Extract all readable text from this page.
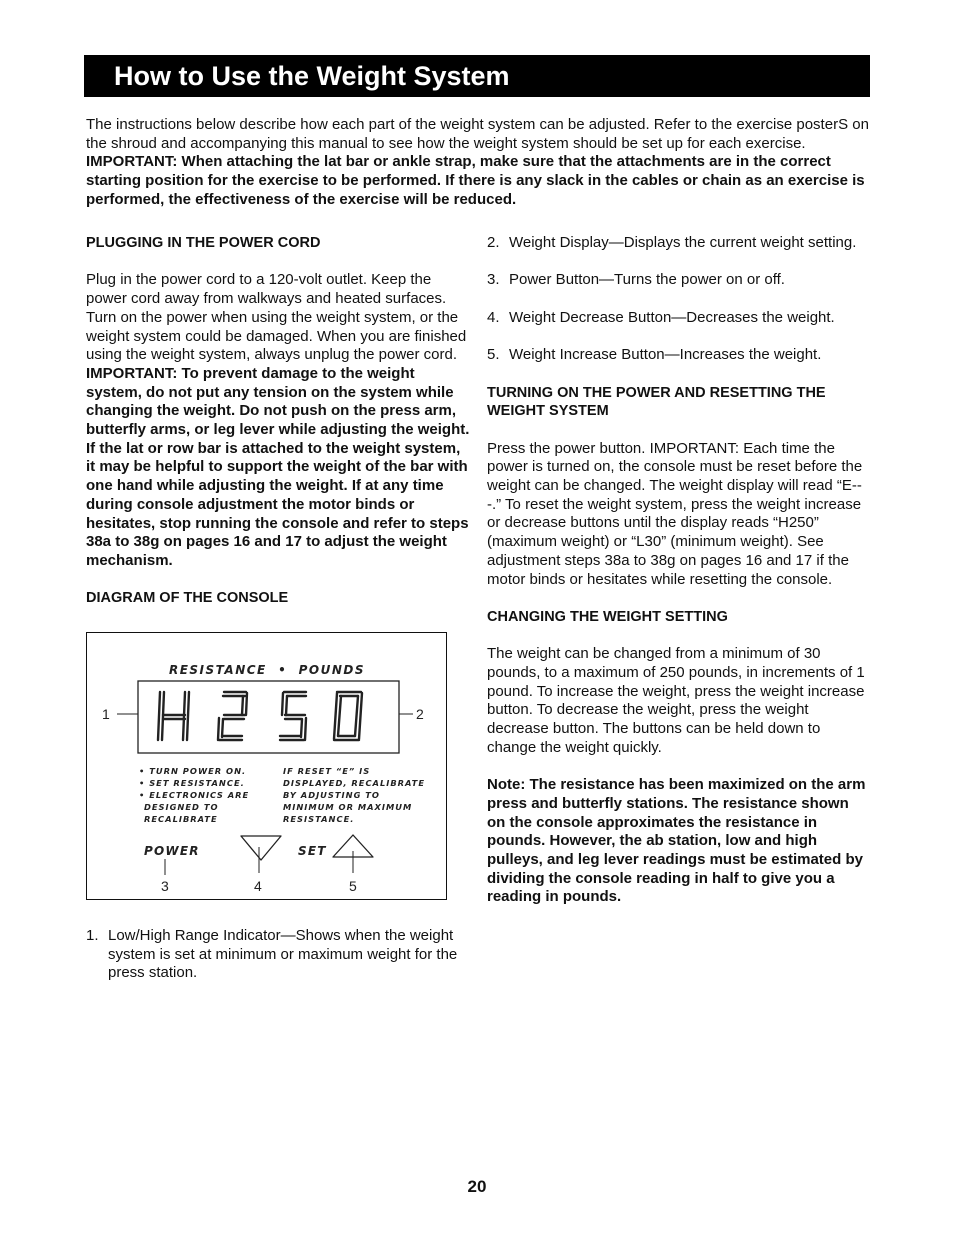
How to Use the Weight System

The instructions below describe how each part of the weight system can be adjusted. Refer to the exercise posterS on the shroud and accompanying this manual to see how the weight system should be set up for each exercise. IMPORTANT: When attaching the lat bar or ankle strap, make sure that the attachments are in the correct starting position for the exercise to be performed. If there is any slack in the cables or chain as an exercise is performed, the effectiveness of the exercise will be reduced.

PLUGGING IN THE POWER CORD

Plug in the power cord to a 120-volt outlet. Keep the power cord away from walkways and heated surfaces. Turn on the power when using the weight system, or the weight system could be damaged. When you are finished using the weight system, always unplug the power cord. IMPORTANT: To prevent damage to the weight system, do not put any tension on the system while changing the weight. Do not push on the press arm, butterfly arms, or leg lever while adjusting the weight. If the lat or row bar is attached to the weight system, it may be helpful to support the weight of the bar with one hand while adjusting the weight. If at any time during console adjustment the motor binds or hesitates, stop running the console and refer to steps 38a to 38g on pages 16 and 17 to adjust the weight mechanism.

DIAGRAM OF THE CONSOLE

RESISTANCE  •  POUNDS
1	2
• TURN POWER ON.
• SET RESISTANCE.
• ELECTRONICS ARE
DESIGNED TO
RECALIBRATE
IF RESET “E” IS
DISPLAYED, RECALIBRATE
BY ADJUSTING TO
MINIMUM OR MAXIMUM
RESISTANCE.
POWER	SET
3	4	5
1. Low/High Range Indicator—Shows when the weight system is set at minimum or maximum weight for the press station.
2. Weight Display—Displays the current weight setting.
3. Power Button—Turns the power on or off.
4. Weight Decrease Button—Decreases the weight.
5. Weight Increase Button—Increases the weight.

TURNING ON THE POWER AND RESETTING THE WEIGHT SYSTEM

Press the power button. IMPORTANT: Each time the power is turned on, the console must be reset before the weight can be changed. The weight display will read “E---.” To reset the weight system, press the weight increase or decrease buttons until the display reads “H250” (maximum weight) or “L30” (minimum weight). See adjustment steps 38a to 38g on pages 16 and 17 if the motor binds or hesitates while resetting the console.

CHANGING THE WEIGHT SETTING

The weight can be changed from a minimum of 30 pounds, to a maximum of 250 pounds, in increments of 1 pound. To increase the weight, press the weight increase button. To decrease the weight, press the weight decrease button. The buttons can be held down to change the weight quickly.

Note: The resistance has been maximized on the arm press and butterfly stations. The resistance shown on the console approximates the resistance in pounds. However, the ab station, low and high pulleys, and leg lever readings must be estimated by dividing the console reading in half to give you a reading in pounds.

20
